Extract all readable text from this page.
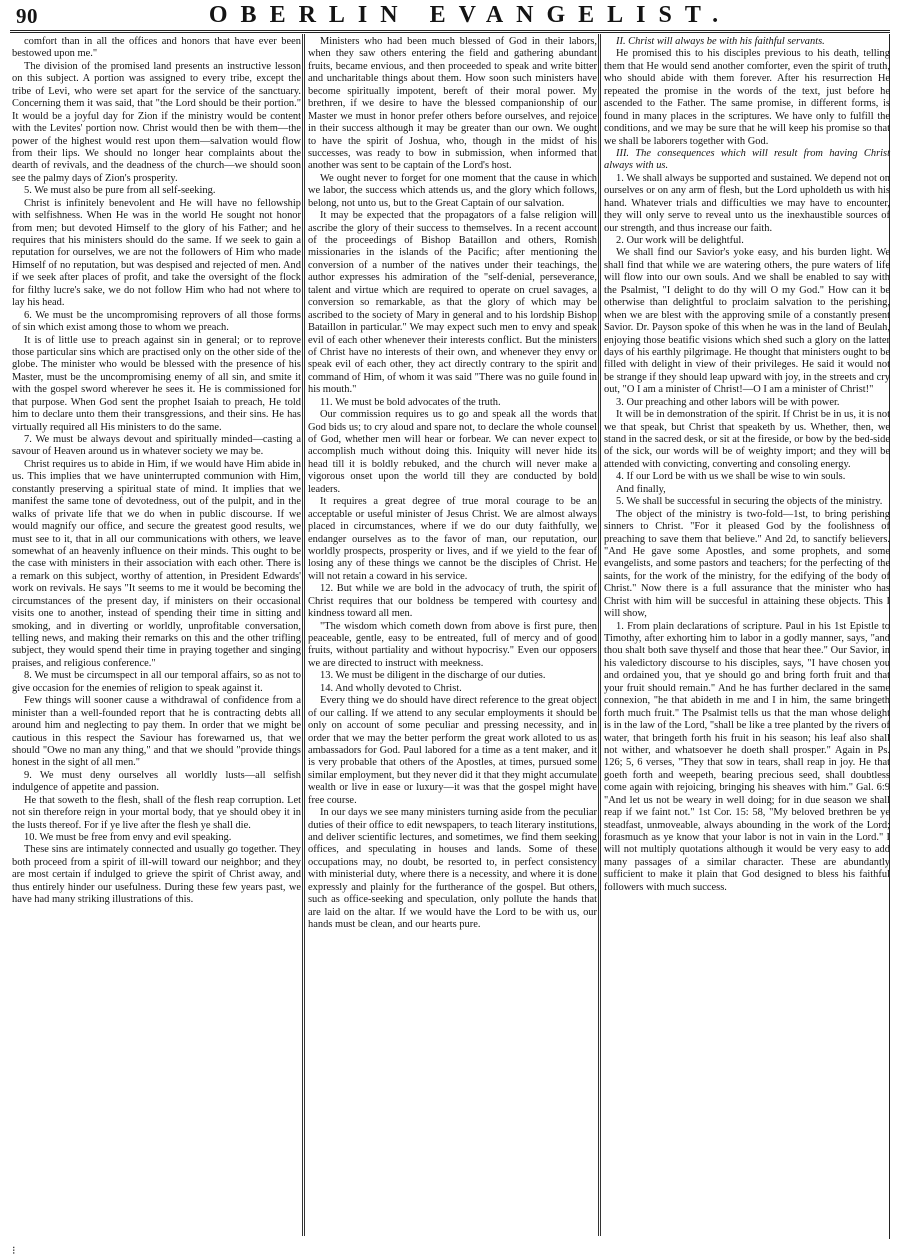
90	OBERLIN EVANGELIST.

comfort than in all the offices and honors that have ever been bestowed upon me."

The division of the promised land presents an instructive lesson on this subject. A portion was assigned to every tribe, except the tribe of Levi, who were set apart for the service of the sanctuary. Concerning them it was said, that "the Lord should be their portion." It would be a joyful day for Zion if the ministry would be content with the Levites' portion now. Christ would then be with them—the power of the highest would rest upon them—salvation would flow from their lips. We should no longer hear complaints about the dearth of revivals, and the deadness of the church—we should soon see the palmy days of Zion's prosperity.

5. We must also be pure from all self-seeking.

Christ is infinitely benevolent and He will have no fellowship with selfishness. When He was in the world He sought not honor from men; but devoted Himself to the glory of his Father; and he requires that his ministers should do the same. If we seek to gain a reputation for ourselves, we are not the followers of Him who made Himself of no reputation, but was despised and rejected of men. And if we seek after places of profit, and take the oversight of the flock for filthy lucre's sake, we do not follow Him who had not where to lay his head.

6. We must be the uncompromising reprovers of all those forms of sin which exist among those to whom we preach.

It is of little use to preach against sin in general; or to reprove those particular sins which are practised only on the other side of the globe. The minister who would be blessed with the presence of his Master, must be the uncompromising enemy of all sin, and smite it with the gospel sword wherever he sees it. He is commissioned for that purpose. When God sent the prophet Isaiah to preach, He told him to declare unto them their transgressions, and their sins. He has virtually required all His ministers to do the same.

7. We must be always devout and spiritually minded—casting a savour of Heaven around us in whatever society we may be.

Christ requires us to abide in Him, if we would have Him abide in us. This implies that we have uninterrupted communion with Him, constantly preserving a spiritual state of mind. It implies that we manifest the same tone of devotedness, out of the pulpit, and in the walks of private life that we do when in public discourse. If we would magnify our office, and secure the greatest good results, we must see to it, that in all our communications with others, we leave somewhat of an heavenly influence on their minds. This ought to be the case with ministers in their association with each other. There is a remark on this subject, worthy of attention, in President Edwards' work on revivals. He says "It seems to me it would be becoming the circumstances of the present day, if ministers on their occasional visits one to another, instead of spending their time in sitting and smoking, and in diverting or worldly, unprofitable conversation, telling news, and making their remarks on this and the other trifling subject, they would spend their time in praying together and singing praises, and religious conference."

8. We must be circumspect in all our temporal affairs, so as not to give occasion for the enemies of religion to speak against it.

Few things will sooner cause a withdrawal of confidence from a minister than a well-founded report that he is contracting debts all around him and neglecting to pay them. In order that we might be cautious in this respect the Saviour has forewarned us, that we should "Owe no man any thing," and that we should "provide things honest in the sight of all men."

9. We must deny ourselves all worldly lusts—all selfish indulgence of appetite and passion.

He that soweth to the flesh, shall of the flesh reap corruption. Let not sin therefore reign in your mortal body, that ye should obey it in the lusts thereof. For if ye live after the flesh ye shall die.

10. We must be free from envy and evil speaking.

These sins are intimately connected and usually go together. They both proceed from a spirit of ill-will toward our neighbor; and they are most certain if indulged to grieve the spirit of Christ away, and thus entirely hinder our usefulness. During these few years past, we have had many striking illustrations of this.

Ministers who had been much blessed of God in their labors, when they saw others entering the field and gathering abundant fruits, became envious, and then proceeded to speak and write bitter and uncharitable things about them. How soon such ministers have become spiritually impotent, bereft of their moral power. My brethren, if we desire to have the blessed companionship of our Master we must in honor prefer others before ourselves, and rejoice in their success although it may be greater than our own. We ought to have the spirit of Joshua, who, though in the midst of his successes, was ready to bow in submission, when informed that another was sent to be captain of the Lord's host.

We ought never to forget for one moment that the cause in which we labor, the success which attends us, and the glory which follows, belong, not unto us, but to the Great Captain of our salvation.

It may be expected that the propagators of a false religion will ascribe the glory of their success to themselves. In a recent account of the proceedings of Bishop Bataillon and others, Romish missionaries in the islands of the Pacific; after mentioning the conversion of a number of the natives under their teachings, the author expresses his admiration of the "self-denial, perseverance, talent and virtue which are required to operate on cruel savages, a conversion so remarkable, as that the glory of which may be ascribed to the society of Mary in general and to his lordship Bishop Bataillon in particular." We may expect such men to envy and speak evil of each other whenever their interests conflict. But the ministers of Christ have no interests of their own, and whenever they envy or speak evil of each other, they act directly contrary to the spirit and command of Him, of whom it was said "There was no guile found in his mouth."

11. We must be bold advocates of the truth.

Our commission requires us to go and speak all the words that God bids us; to cry aloud and spare not, to declare the whole counsel of God, whether men will hear or forbear. We can never expect to accomplish much without doing this. Iniquity will never hide its head till it is boldly rebuked, and the church will never make a vigorous onset upon the world till they are conducted by bold leaders.

It requires a great degree of true moral courage to be an acceptable or useful minister of Jesus Christ. We are almost always placed in circumstances, where if we do our duty faithfully, we endanger ourselves as to the favor of man, our reputation, our worldly prospects, prosperity or lives, and if we yield to the fear of losing any of these things we cannot be the disciples of Christ. He will not retain a coward in his service.

12. But while we are bold in the advocacy of truth, the spirit of Christ requires that our boldness be tempered with courtesy and kindness toward all men.

"The wisdom which cometh down from above is first pure, then peaceable, gentle, easy to be entreated, full of mercy and of good fruits, without partiality and without hypocrisy." Even our opposers we are directed to instruct with meekness.

13. We must be diligent in the discharge of our duties.

14. And wholly devoted to Christ.

Every thing we do should have direct reference to the great object of our calling. If we attend to any secular employments it should be only on account of some peculiar and pressing necessity, and in order that we may the better perform the great work alloted to us as ambassadors for God. Paul labored for a time as a tent maker, and it is very probable that others of the Apostles, at times, pursued some similar employment, but they never did it that they might accumulate wealth or live in ease or luxury—it was that the gospel might have free course.

In our days we see many ministers turning aside from the peculiar duties of their office to edit newspapers, to teach literary institutions, and deliver scientific lectures, and sometimes, we find them seeking offices, and speculating in houses and lands. Some of these occupations may, no doubt, be resorted to, in perfect consistency with ministerial duty, where there is a necessity, and where it is done expressly and plainly for the furtherance of the gospel. But others, such as office-seeking and speculation, only pollute the hands that are laid on the altar. If we would have the Lord to be with us, our hands must be clean, and our hearts pure.

II. Christ will always be with his faithful servants.

He promised this to his disciples previous to his death, telling them that He would send another comforter, even the spirit of truth, who should abide with them forever. After his resurrection He repeated the promise in the words of the text, just before he ascended to the Father. The same promise, in different forms, is found in many places in the scriptures. We have only to fulfill the conditions, and we may be sure that he will keep his promise so that we shall be laborers together with God.

III. The consequences which will result from having Christ always with us.

1. We shall always be supported and sustained. We depend not on ourselves or on any arm of flesh, but the Lord upholdeth us with his hand. Whatever trials and difficulties we may have to encounter, they will only serve to reveal unto us the inexhaustible sources of our strength, and thus increase our faith.

2. Our work will be delightful.

We shall find our Savior's yoke easy, and his burden light. We shall find that while we are watering others, the pure waters of life will flow into our own souls. And we shall be enabled to say with the Psalmist, "I delight to do thy will O my God." How can it be otherwise than delightful to proclaim salvation to the perishing, when we are blest with the approving smile of a constantly present Savior. Dr. Payson spoke of this when he was in the land of Beulah, enjoying those beatific visions which shed such a glory on the latter days of his earthly pilgrimage. He thought that ministers ought to be filled with delight in view of their privileges. He said it would not be strange if they should leap upward with joy, in the streets and cry out, "O I am a minister of Christ!—O I am a minister of Christ!"

3. Our preaching and other labors will be with power.

It will be in demonstration of the spirit. If Christ be in us, it is not we that speak, but Christ that speaketh by us. Whether, then, we stand in the sacred desk, or sit at the fireside, or bow by the bed-side of the sick, our words will be of weighty import; and they will be attended with convicting, converting and consoling energy.

4. If our Lord be with us we shall be wise to win souls.

And finally,

5. We shall be successful in securing the objects of the ministry.

The object of the ministry is two-fold—1st, to bring perishing sinners to Christ. "For it pleased God by the foolishness of preaching to save them that believe." And 2d, to sanctify believers. "And He gave some Apostles, and some prophets, and some evangelists, and some pastors and teachers; for the perfecting of the saints, for the work of the ministry, for the edifying of the body of Christ." Now there is a full assurance that the minister who has Christ with him will be succesful in attaining these objects. This I will show,

1. From plain declarations of scripture. Paul in his 1st Epistle to Timothy, after exhorting him to labor in a godly manner, says, "and thou shalt both save thyself and those that hear thee." Our Savior, in his valedictory discourse to his disciples, says, "I have chosen you and ordained you, that ye should go and bring forth fruit and that your fruit should remain." And he has further declared in the same connexion, "he that abideth in me and I in him, the same bringeth forth much fruit." The Psalmist tells us that the man whose delight is in the law of the Lord, "shall be like a tree planted by the rivers of water, that bringeth forth his fruit in his season; his leaf also shall not wither, and whatsoever he doeth shall prosper." Again in Ps. 126; 5, 6 verses, "They that sow in tears, shall reap in joy. He that goeth forth and weepeth, bearing precious seed, shall doubtless come again with rejoicing, bringing his sheaves with him." Gal. 6:9 "And let us not be weary in well doing; for in due season we shall reap if we faint not." 1st Cor. 15: 58, "My beloved brethren be ye steadfast, unmoveable, always abounding in the work of the Lord; forasmuch as ye know that your labor is not in vain in the Lord." I will not multiply quotations although it would be very easy to add many passages of a similar character. These are abundantly sufficient to make it plain that God designed to bless his faithful followers with much success.

⁝
